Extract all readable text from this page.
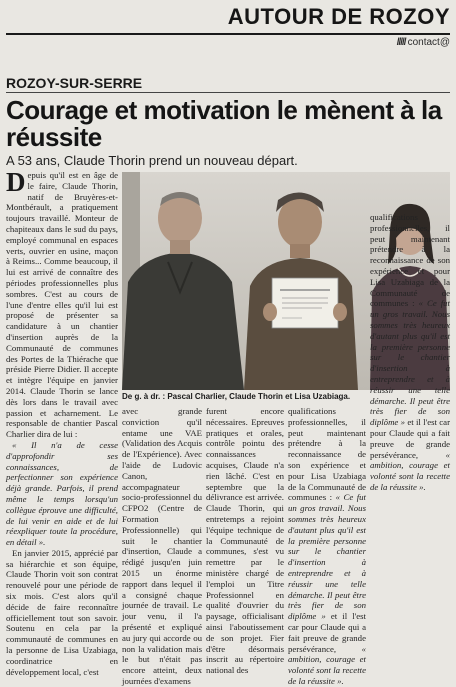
AUTOUR DE ROZOY
///// contact@
ROZOY-SUR-SERRE
Courage et motivation le mènent à la réussite
A 53 ans, Claude Thorin prend un nouveau départ.

Depuis qu'il est en âge de le faire, Claude Thorin, natif de Bruyères-et-Montbérault, a pratiquement toujours travaillé. Monteur de chapiteaux dans le sud du pays, employé communal en espaces verts, ouvrier en usine, maçon à Reims... Comme beaucoup, il lui est arrivé de connaître des périodes professionnelles plus sombres. C'est au cours de l'une d'entre elles qu'il lui est proposé de présenter sa candidature à un chantier d'insertion auprès de la Communauté de communes des Portes de la Thiérache que préside Pierre Didier. Il accepte et intègre l'équipe en janvier 2014. Claude Thorin se lance dès lors dans le travail avec passion et acharnement. Le responsable de chantier Pascal Charlier dira de lui :

« Il n'a de cesse d'approfondir ses connaissances, de perfectionner son expérience déjà grande. Parfois, il prend même le temps lorsqu'un collègue éprouve une difficulté, de lui venir en aide et de lui réexpliquer toute la procédure, en détail ».

En janvier 2015, apprécié par sa hiérarchie et son équipe, Claude Thorin voit son contrat renouvelé pour une période de six mois. C'est alors qu'il décide de faire reconnaître officiellement tout son savoir. Soutenu en cela par la communauté de communes en la personne de Lisa Uzabiaga, coordinatrice en développement local, c'est

De g. à dr. : Pascal Charlier, Claude Thorin et Lisa Uzabiaga.

avec grande conviction qu'il entame une VAE (Validation des Acquis de l'Expérience). Avec l'aide de Ludovic Canon, accompagnateur socio-professionnel du CFPO2 (Centre de Formation Professionnelle) qui suit le chantier d'insertion, Claude a rédigé jusqu'en juin 2015 un énorme rapport dans lequel il a consigné chaque journée de travail. Le jour venu, il l'a présenté et expliqué au jury qui accorde ou non la validation mais le but n'était pas encore atteint, deux journées d'examens

furent encore nécessaires. Epreuves pratiques et orales, contrôle pointu des connaissances acquises, Claude n'a rien lâché. C'est en septembre que la délivrance est arrivée. Claude Thorin, qui entretemps a rejoint l'équipe technique de la Communauté de communes, s'est vu remettre par le ministère chargé de l'emploi un Titre Professionnel en qualité d'ouvrier du paysage, officialisant ainsi l'aboutissement de son projet. Fier d'être désormais inscrit au répertoire national des

qualifications professionnelles, il peut maintenant prétendre à la reconnaissance de son expérience et pour Lisa Uzabiaga de la Communauté de communes : « Ce fut un gros travail. Nous sommes très heureux d'autant plus qu'il est la première personne sur le chantier d'insertion à entreprendre et à réussir une telle démarche. Il peut être très fier de son diplôme » et il l'est car pour Claude qui a fait preuve de grande persévérance,	« ambition, courage et volonté sont la recette de la réussite ».

qualifications professionnelles, il peut maintenant prétendre à la reconnaissance de son expérience et pour Lisa Uzabiaga de la Communauté de communes : « Ce fut un gros travail. Nous sommes très heureux d'autant plus qu'il est la première personne sur le chantier d'insertion à entreprendre et à réussir une telle démarche. Il peut être très fier de son diplôme » et il l'est car pour Claude qui a fait preuve de grande persévérance,	« ambition, courage et volonté sont la recette de la réussite ».
